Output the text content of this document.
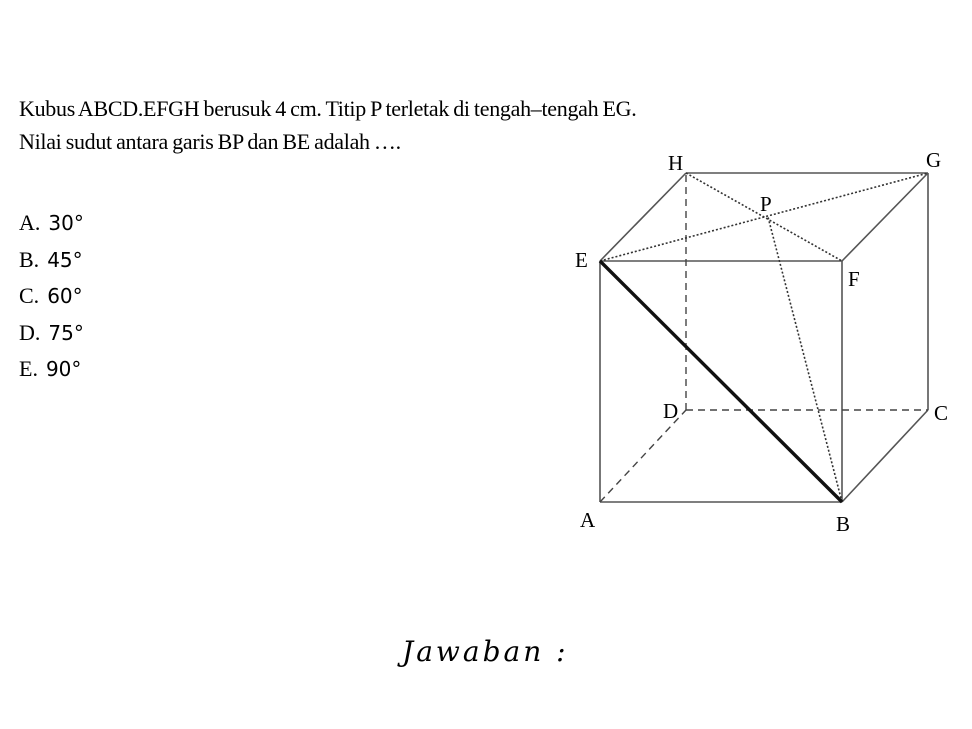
Kubus ABCD.EFGH berusuk 4 cm. Titip P terletak di tengah–tengah EG.

Nilai sudut antara garis BP dan BE adalah ….

A. 30°
B. 45°
C. 60°
D. 75°
E. 90°
H	G
P
E
F
D	C
A	B
Jawaban :
